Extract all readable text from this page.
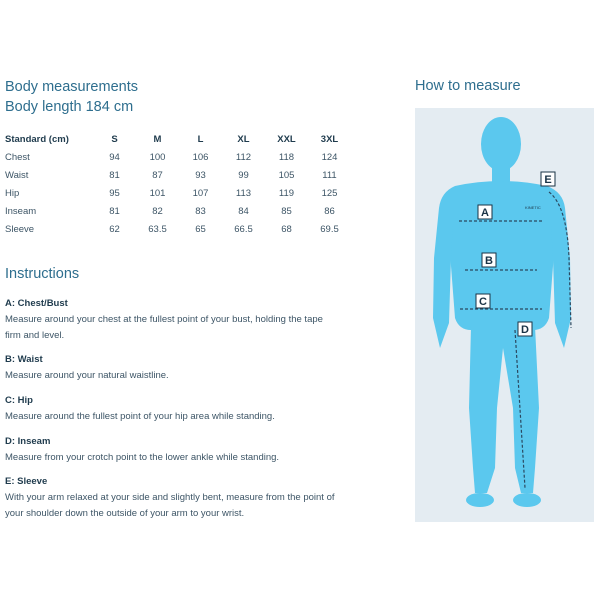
Body measurements
Body length 184 cm
Standard (cm)	S	M	L	XL	XXL	3XL
Chest	94	100	106	112	118	124
Waist	81	87	93	99	105	111
Hip	95	101	107	113	119	125
Inseam	81	82	83	84	85	86
Sleeve	62	63.5	65	66.5	68	69.5
Instructions
A: Chest/Bust
Measure around your chest at the fullest point of your bust, holding the tape firm and level.
B: Waist
Measure around your natural waistline.
C: Hip
Measure around the fullest point of your hip area while standing.
D: Inseam
Measure from your crotch point to the lower ankle while standing.
E: Sleeve
With your arm relaxed at your side and slightly bent, measure from the point of your shoulder down the outside of your arm to your wrist.
How to measure
KINETIC
A
B
C
D
E
